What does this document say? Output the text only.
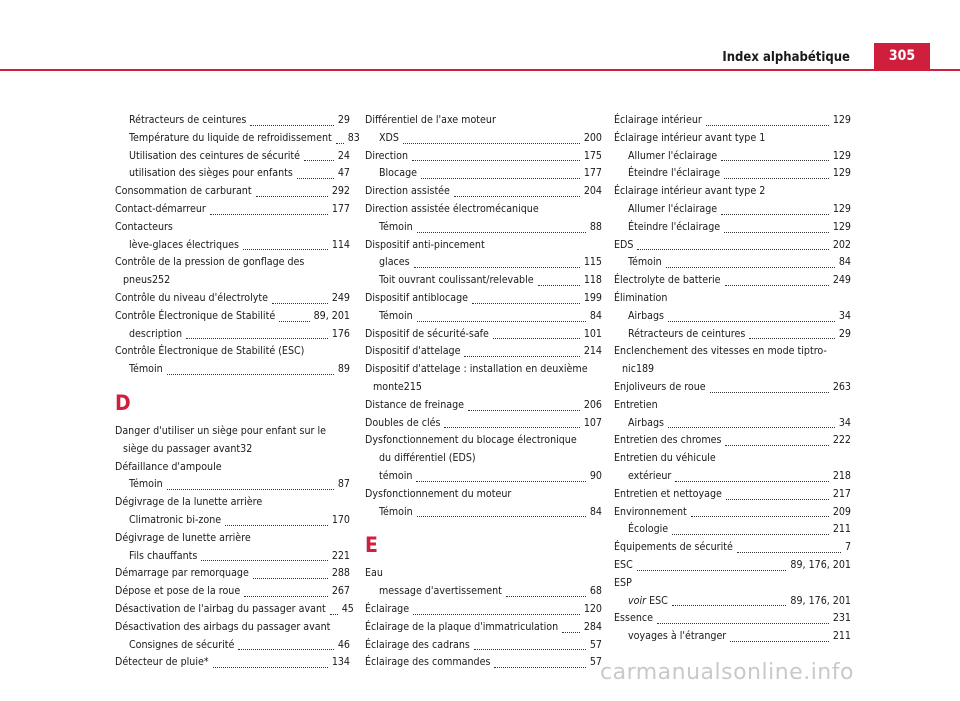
Index alphabétique	305
Rétracteurs de ceintures	29
Température du liquide de refroidissement 83
Utilisation des ceintures de sécurité	24
utilisation des sièges pour enfants	47
Consommation de carburant	292
Contact-démarreur	177
Contacteurs
lève-glaces électriques	114
Contrôle de la pression de gonflage des
pneus 252
Contrôle du niveau d'électrolyte	249
Contrôle Électronique de Stabilité	89, 201
description	176
Contrôle Électronique de Stabilité (ESC)
Témoin	89
D
Danger d'utiliser un siège pour enfant sur le
siège du passager avant 32
Défaillance d'ampoule
Témoin	87
Dégivrage de la lunette arrière
Climatronic bi-zone	170
Dégivrage de lunette arrière
Fils chauffants	221
Démarrage par remorquage	288
Dépose et pose de la roue	267
Désactivation de l'airbag du passager avant 45
Désactivation des airbags du passager avant
Consignes de sécurité	46
Détecteur de pluie*	134
Différentiel de l'axe moteur
XDS	200
Direction	175
Blocage	177
Direction assistée	204
Direction assistée électromécanique
Témoin	88
Dispositif anti-pincement
glaces	115
Toit ouvrant coulissant/relevable	118
Dispositif antiblocage	199
Témoin	84
Dispositif de sécurité-safe	101
Dispositif d'attelage	214
Dispositif d'attelage : installation en deuxième
monte 215
Distance de freinage	206
Doubles de clés	107
Dysfonctionnement du blocage électronique
du différentiel (EDS)
témoin	90
Dysfonctionnement du moteur
Témoin	84
E
Eau
message d'avertissement	68
Éclairage	120
Éclairage de la plaque d'immatriculation 284
Éclairage des cadrans	57
Éclairage des commandes	57
Éclairage intérieur	129
Éclairage intérieur avant type 1
Allumer l'éclairage	129
Éteindre l'éclairage	129
Éclairage intérieur avant type 2
Allumer l'éclairage	129
Éteindre l'éclairage	129
EDS	202
Témoin	84
Électrolyte de batterie	249
Élimination
Airbags	34
Rétracteurs de ceintures	29
Enclenchement des vitesses en mode tiptro-
nic 189
Enjoliveurs de roue	263
Entretien
Airbags	34
Entretien des chromes	222
Entretien du véhicule
extérieur	218
Entretien et nettoyage	217
Environnement	209
Écologie	211
Équipements de sécurité	7
ESC	89, 176, 201
ESP
voir ESC	89, 176, 201
Essence	231
voyages à l'étranger	211
carmanualsonline.info
